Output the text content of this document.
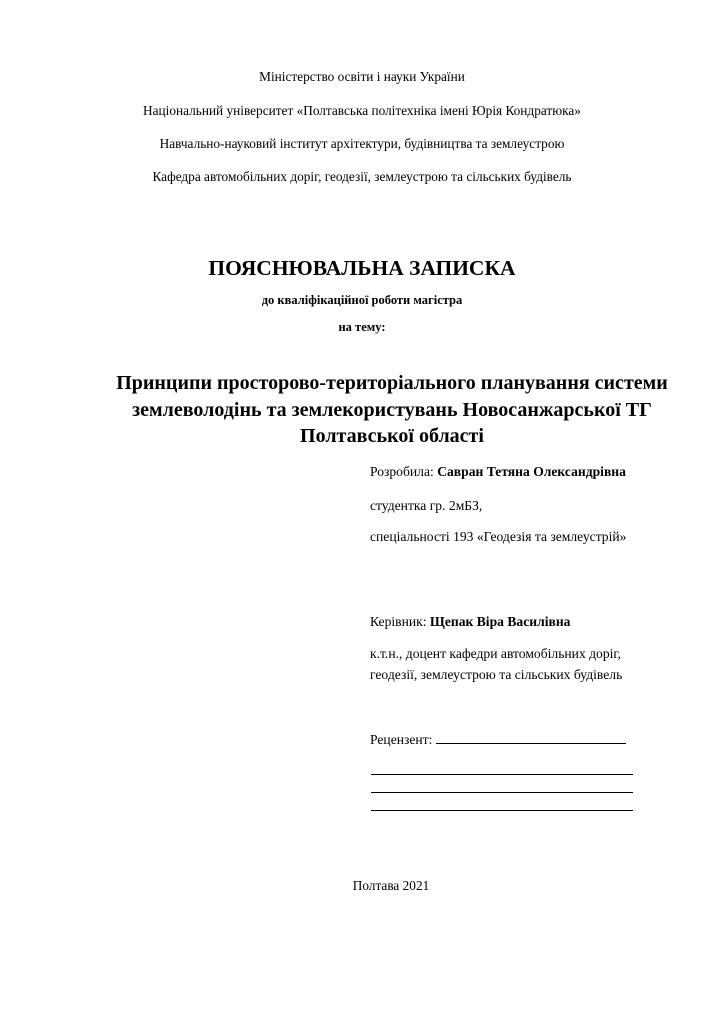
Міністерство освіти і науки України
Національний університет «Полтавська політехніка імені Юрія Кондратюка»
Навчально-науковий інститут архітектури, будівництва та землеустрою
Кафедра автомобільних доріг, геодезії, землеустрою та сільських будівель
ПОЯСНЮВАЛЬНА ЗАПИСКА
до кваліфікаційної роботи магістра
на тему:
Принципи просторово-територіального планування системи
землеволодінь та землекористувань Новосанжарської ТГ
Полтавської області
Розробила: Савран Тетяна Олександрівна
студентка гр. 2мБЗ,
спеціальності 193 «Геодезія та землеустрій»
Керівник: Щепак Віра Василівна
к.т.н., доцент кафедри автомобільних доріг,
геодезії, землеустрою та сільських будівель
Рецензент:
Полтава 2021
